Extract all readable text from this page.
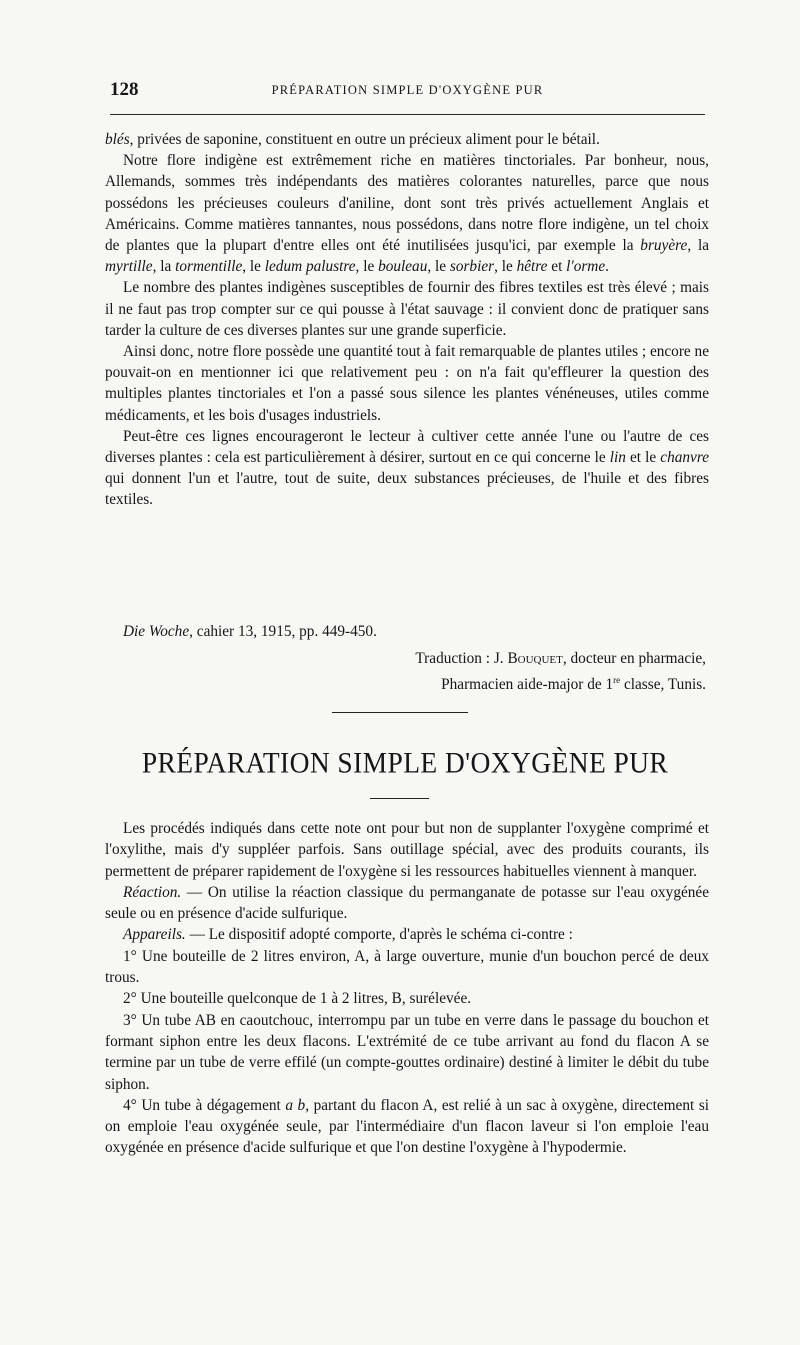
128	PRÉPARATION SIMPLE D'OXYGÈNE PUR

blés, privées de saponine, constituent en outre un précieux aliment pour le bétail.

Notre flore indigène est extrêmement riche en matières tinctoriales. Par bonheur, nous, Allemands, sommes très indépendants des matières colorantes naturelles, parce que nous possédons les précieuses couleurs d'aniline, dont sont très privés actuellement Anglais et Américains. Comme matières tannantes, nous possédons, dans notre flore indigène, un tel choix de plantes que la plupart d'entre elles ont été inutilisées jusqu'ici, par exemple la bruyère, la myrtille, la tormentille, le ledum palustre, le bouleau, le sorbier, le hêtre et l'orme.

Le nombre des plantes indigènes susceptibles de fournir des fibres textiles est très élevé ; mais il ne faut pas trop compter sur ce qui pousse à l'état sauvage : il convient donc de pratiquer sans tarder la culture de ces diverses plantes sur une grande superficie.

Ainsi donc, notre flore possède une quantité tout à fait remarquable de plantes utiles ; encore ne pouvait-on en mentionner ici que relativement peu : on n'a fait qu'effleurer la question des multiples plantes tinctoriales et l'on a passé sous silence les plantes vénéneuses, utiles comme médicaments, et les bois d'usages industriels.

Peut-être ces lignes encourageront le lecteur à cultiver cette année l'une ou l'autre de ces diverses plantes : cela est particulièrement à désirer, surtout en ce qui concerne le lin et le chanvre qui donnent l'un et l'autre, tout de suite, deux substances précieuses, de l'huile et des fibres textiles.

Die Woche, cahier 13, 1915, pp. 449-450.
Traduction : J. Bouquet, docteur en pharmacie,
Pharmacien aide-major de 1re classe, Tunis.
PRÉPARATION SIMPLE D'OXYGÈNE PUR

Les procédés indiqués dans cette note ont pour but non de supplanter l'oxygène comprimé et l'oxylithe, mais d'y suppléer parfois. Sans outillage spécial, avec des produits courants, ils permettent de préparer rapidement de l'oxygène si les ressources habituelles viennent à manquer.

Réaction. — On utilise la réaction classique du permanganate de potasse sur l'eau oxygénée seule ou en présence d'acide sulfurique.

Appareils. — Le dispositif adopté comporte, d'après le schéma ci-contre :

1° Une bouteille de 2 litres environ, A, à large ouverture, munie d'un bouchon percé de deux trous.

2° Une bouteille quelconque de 1 à 2 litres, B, surélevée.

3° Un tube AB en caoutchouc, interrompu par un tube en verre dans le passage du bouchon et formant siphon entre les deux flacons. L'extrémité de ce tube arrivant au fond du flacon A se termine par un tube de verre effilé (un compte-gouttes ordinaire) destiné à limiter le débit du tube siphon.

4° Un tube à dégagement a b, partant du flacon A, est relié à un sac à oxygène, directement si on emploie l'eau oxygénée seule, par l'intermédiaire d'un flacon laveur si l'on emploie l'eau oxygénée en présence d'acide sulfurique et que l'on destine l'oxygène à l'hypodermie.
